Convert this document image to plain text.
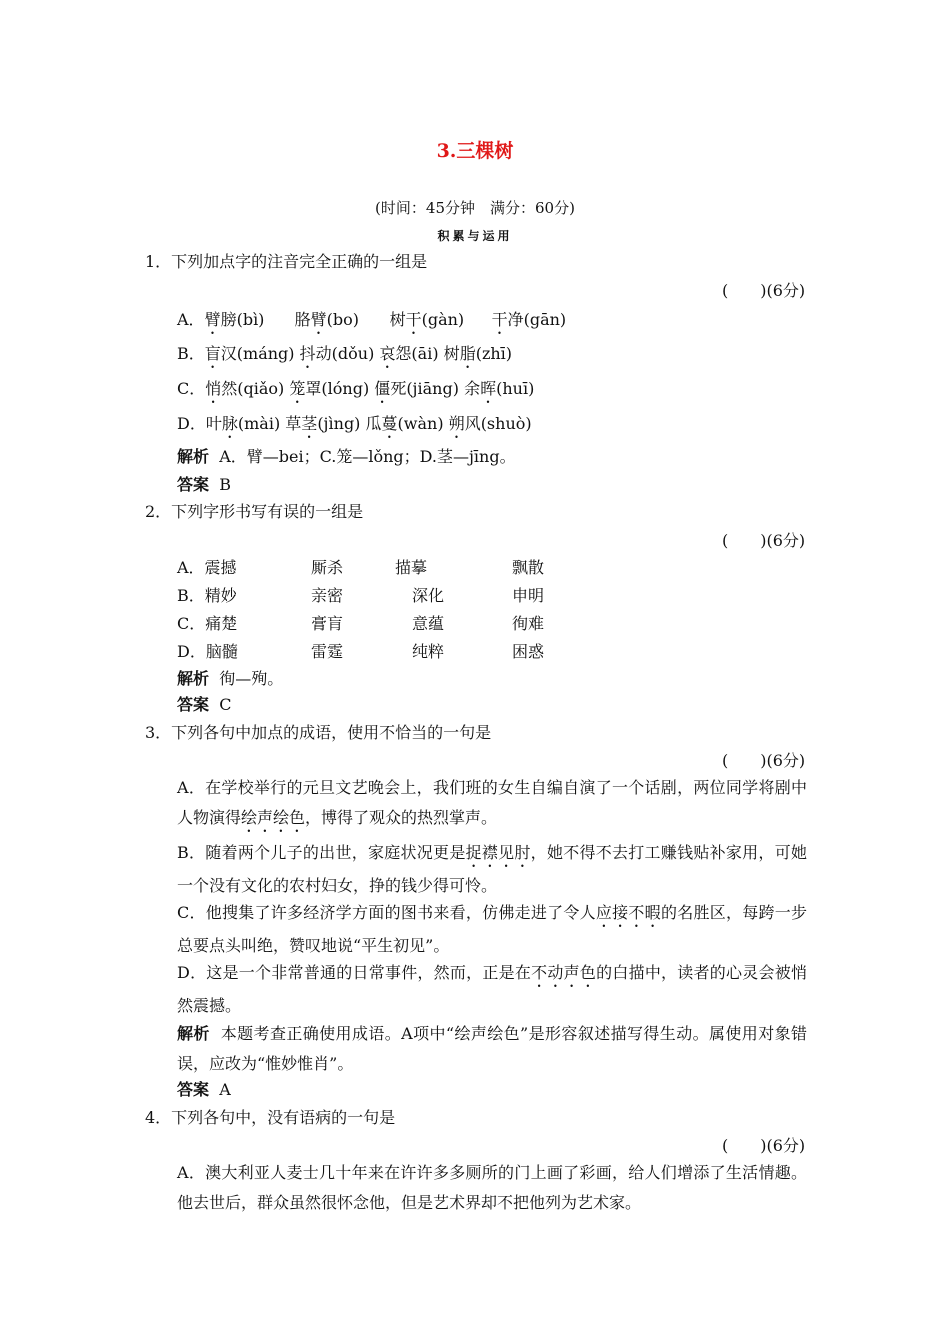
3.三棵树
(时间：45分钟　满分：60分)
积累与运用
1．下列加点字的注音完全正确的一组是
(　　)(6分)
A．臂膀(bì) 胳臂(bo) 树干(gàn) 干净(gān)
B．盲汉(máng) 抖动(dǒu) 哀怨(āi) 树脂(zhī)
C．悄然(qiǎo) 笼罩(lóng) 僵死(jiāng) 余晖(huī)
D．叶脉(mài) 草茎(jìng) 瓜蔓(wàn) 朔风(shuò)
解析 A．臂—bei；C.笼—lǒng；D.茎—jīng。
答案 B
2．下列字形书写有误的一组是
(　　)(6分)
A．震撼	厮杀	描摹	飘散
B．精妙	亲密	深化	申明
C．痛楚	膏肓	意蕴	徇难
D．脑髓	雷霆	纯粹	困惑
解析 徇—殉。
答案 C
3．下列各句中加点的成语，使用不恰当的一句是
(　　)(6分)
A．在学校举行的元旦文艺晚会上，我们班的女生自编自演了一个话剧，两位同学将剧中人物演得绘声绘色，博得了观众的热烈掌声。
B．随着两个儿子的出世，家庭状况更是捉襟见肘，她不得不去打工赚钱贴补家用，可她一个没有文化的农村妇女，挣的钱少得可怜。
C．他搜集了许多经济学方面的图书来看，仿佛走进了令人应接不暇的名胜区，每跨一步总要点头叫绝，赞叹地说“平生初见”。
D．这是一个非常普通的日常事件，然而，正是在不动声色的白描中，读者的心灵会被悄然震撼。
解析 本题考查正确使用成语。A项中“绘声绘色”是形容叙述描写得生动。属使用对象错误，应改为“惟妙惟肖”。
答案 A
4．下列各句中，没有语病的一句是
(　　)(6分)
A．澳大利亚人麦士几十年来在许许多多厕所的门上画了彩画，给人们增添了生活情趣。他去世后，群众虽然很怀念他，但是艺术界却不把他列为艺术家。
